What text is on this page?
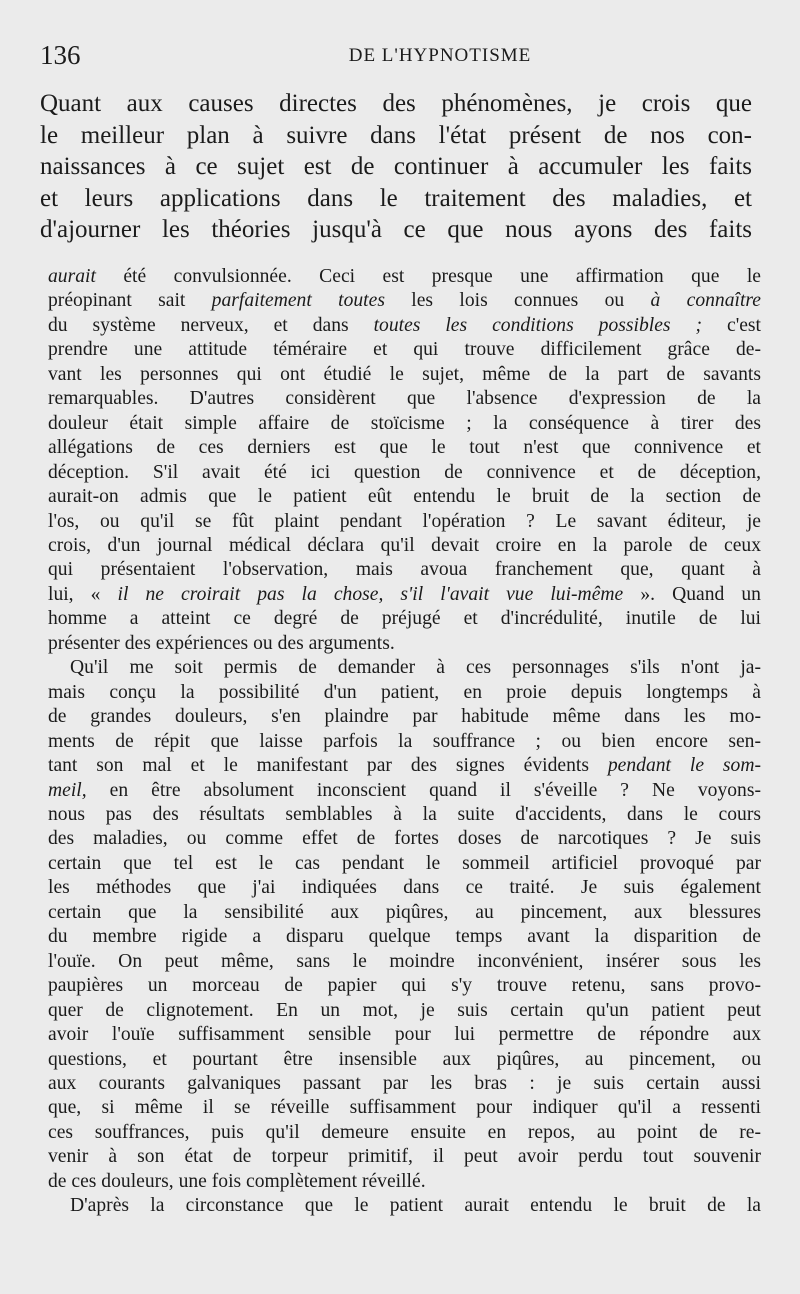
136	DE L'HYPNOTISME
Quant aux causes directes des phénomènes, je crois que
le meilleur plan à suivre dans l'état présent de nos con-
naissances à ce sujet est de continuer à accumuler les faits
et leurs applications dans le traitement des maladies, et
d'ajourner les théories jusqu'à ce que nous ayons des faits
aurait été convulsionnée. Ceci est presque une affirmation que le
préopinant sait parfaitement toutes les lois connues ou à connaître
du système nerveux, et dans toutes les conditions possibles ; c'est
prendre une attitude téméraire et qui trouve difficilement grâce de-
vant les personnes qui ont étudié le sujet, même de la part de savants
remarquables. D'autres considèrent que l'absence d'expression de la
douleur était simple affaire de stoïcisme ; la conséquence à tirer des
allégations de ces derniers est que le tout n'est que connivence et
déception. S'il avait été ici question de connivence et de déception,
aurait-on admis que le patient eût entendu le bruit de la section de
l'os, ou qu'il se fût plaint pendant l'opération ? Le savant éditeur, je
crois, d'un journal médical déclara qu'il devait croire en la parole de ceux
qui présentaient l'observation, mais avoua franchement que, quant à
lui, « il ne croirait pas la chose, s'il l'avait vue lui-même ». Quand un
homme a atteint ce degré de préjugé et d'incrédulité, inutile de lui
présenter des expériences ou des arguments.
Qu'il me soit permis de demander à ces personnages s'ils n'ont ja-
mais conçu la possibilité d'un patient, en proie depuis longtemps à
de grandes douleurs, s'en plaindre par habitude même dans les mo-
ments de répit que laisse parfois la souffrance ; ou bien encore sen-
tant son mal et le manifestant par des signes évidents pendant le som-
meil, en être absolument inconscient quand il s'éveille ? Ne voyons-
nous pas des résultats semblables à la suite d'accidents, dans le cours
des maladies, ou comme effet de fortes doses de narcotiques ? Je suis
certain que tel est le cas pendant le sommeil artificiel provoqué par
les méthodes que j'ai indiquées dans ce traité. Je suis également
certain que la sensibilité aux piqûres, au pincement, aux blessures
du membre rigide a disparu quelque temps avant la disparition de
l'ouïe. On peut même, sans le moindre inconvénient, insérer sous les
paupières un morceau de papier qui s'y trouve retenu, sans provo-
quer de clignotement. En un mot, je suis certain qu'un patient peut
avoir l'ouïe suffisamment sensible pour lui permettre de répondre aux
questions, et pourtant être insensible aux piqûres, au pincement, ou
aux courants galvaniques passant par les bras : je suis certain aussi
que, si même il se réveille suffisamment pour indiquer qu'il a ressenti
ces souffrances, puis qu'il demeure ensuite en repos, au point de re-
venir à son état de torpeur primitif, il peut avoir perdu tout souvenir
de ces douleurs, une fois complètement réveillé.
D'après la circonstance que le patient aurait entendu le bruit de la
